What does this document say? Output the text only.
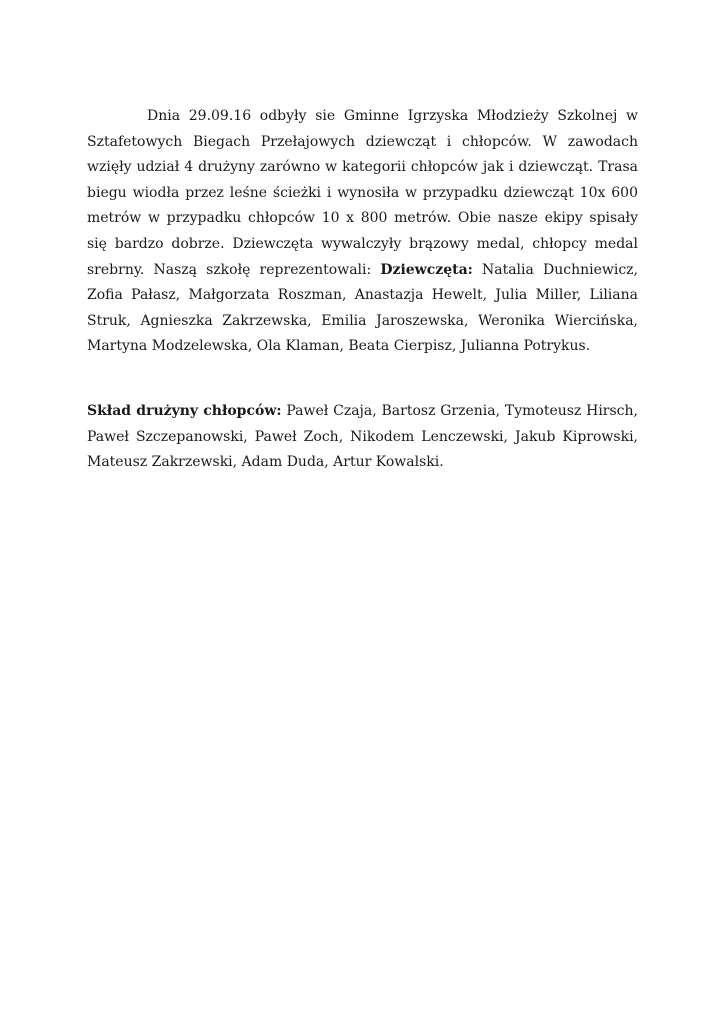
Dnia 29.09.16 odbyły sie Gminne Igrzyska Młodzieży Szkolnej w Sztafetowych Biegach Przełajowych dziewcząt i chłopców. W zawodach wzięły udział 4 drużyny zarówno w kategorii chłopców jak i dziewcząt. Trasa biegu wiodła przez leśne ścieżki i wynosiła w przypadku dziewcząt 10x 600 metrów w przypadku chłopców 10 x 800 metrów. Obie nasze ekipy spisały się bardzo dobrze. Dziewczęta wywalczyły brązowy medal, chłopcy medal srebrny. Naszą szkołę reprezentowali: Dziewczęta: Natalia Duchniewicz, Zofia Pałasz, Małgorzata Roszman, Anastazja Hewelt, Julia Miller, Liliana Struk, Agnieszka Zakrzewska, Emilia Jaroszewska, Weronika Wiercińska, Martyna Modzelewska, Ola Klaman, Beata Cierpisz, Julianna Potrykus.

Skład drużyny chłopców: Paweł Czaja, Bartosz Grzenia, Tymoteusz Hirsch, Paweł Szczepanowski, Paweł Zoch, Nikodem Lenczewski, Jakub Kiprowski, Mateusz Zakrzewski, Adam Duda, Artur Kowalski.
